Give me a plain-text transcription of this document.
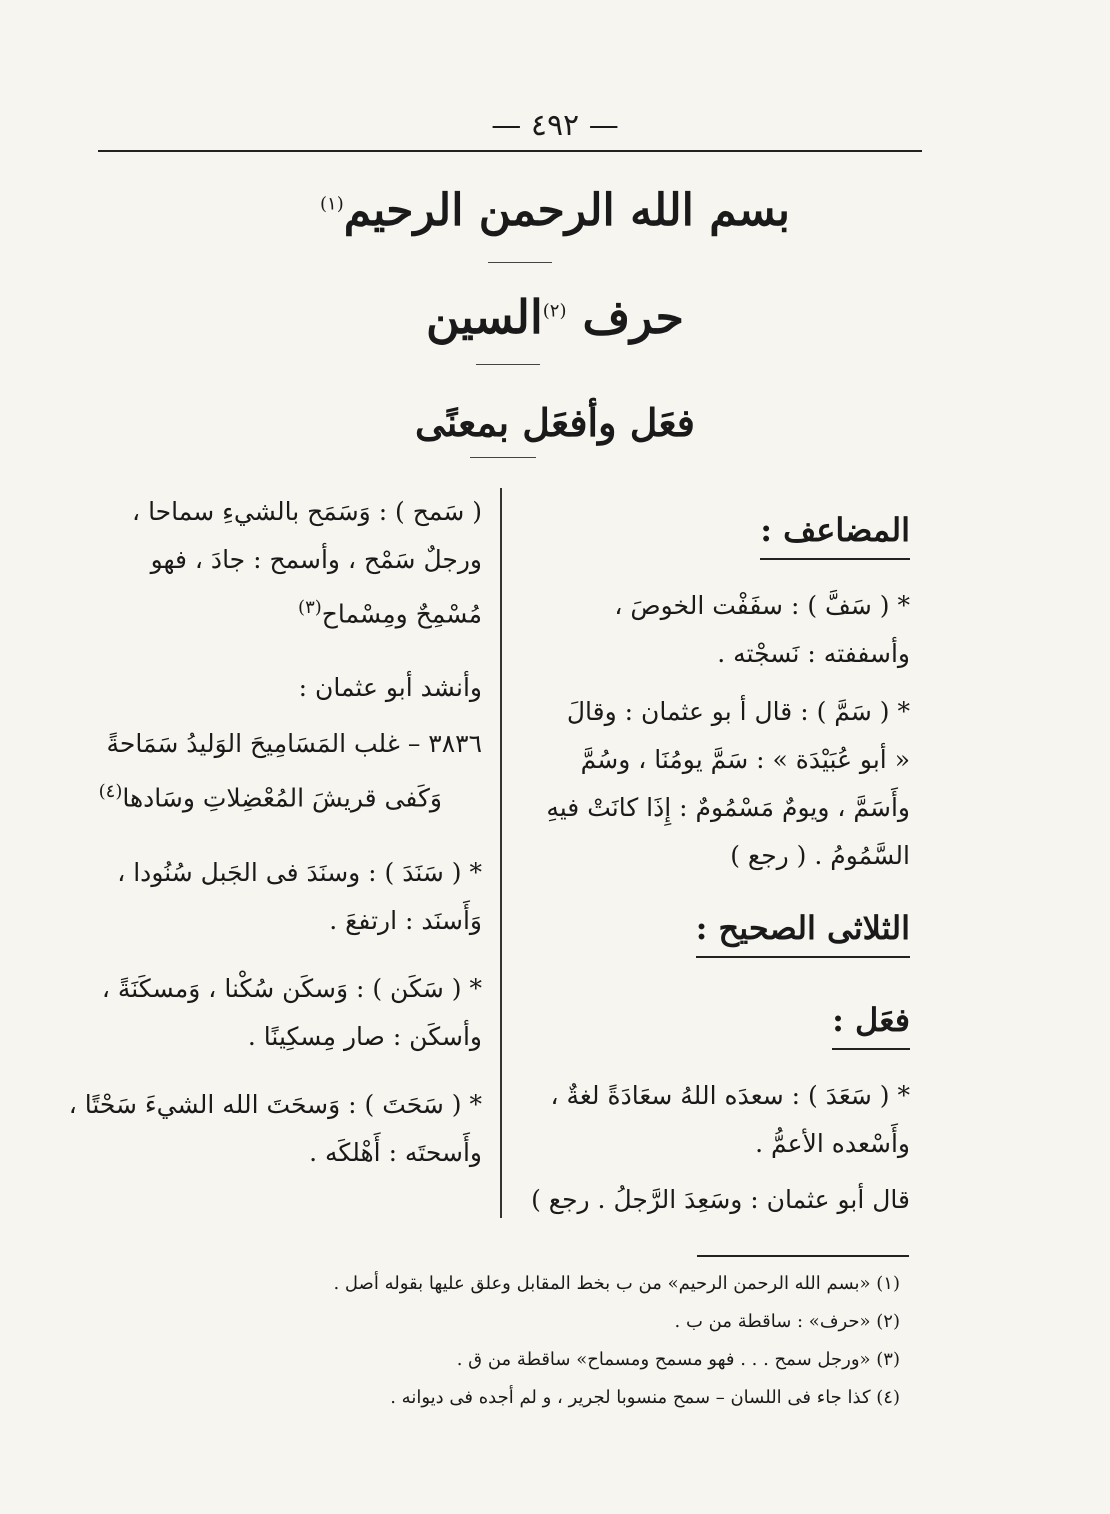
— ٤٩٢ —
بسم الله الرحمن الرحيم$^{(١)}$
حرف $^{(٢)}$السين
فعَل وأفعَل بمعنًى
المضاعف :
* ( سَفَّ ) : سفَفْت الخوصَ ،
وأسففته : نَسجْته .
* ( سَمَّ ) : قال أ بو عثمان : وقالَ
« أبو عُبَيْدَة » : سَمَّ يومُنَا ، وسُمَّ
وأَسَمَّ ، ويومٌ مَسْمُومٌ : إِذَا كانَتْ فيهِ
السَّمُومُ . ( رجع )
الثلاثى الصحيح :
فعَل :
* ( سَعَدَ ) : سعدَه اللهُ سعَادَةً لغةٌ ،
وأَسْعده الأعمُّ .
قال أبو عثمان : وسَعِدَ الرَّجلُ . رجع )
( سَمح ) : وَسَمَح بالشيءِ سماحا ،
ورجلٌ سَمْح ، وأسمح : جادَ ، فهو
مُسْمِحٌ ومِسْماح$^{(٣)}$
وأنشد أبو عثمان :
٣٨٣٦ – غلب المَسَامِيحَ الوَليدُ سَمَاحةً
وَكَفى قريشَ المُعْضِلاتِ وسَادها$^{(٤)}$
* ( سَنَدَ ) : وسنَدَ فى الجَبل سُنُودا ،
وَأَسنَد : ارتفعَ .
* ( سَكَن ) : وَسكَن سُكْنا ، وَمسكَنَةً ،
وأسكَن : صار مِسكِينًا .
* ( سَحَتَ ) : وَسحَتَ الله الشيءَ سَحْتًا ،
وأَسحتَه : أَهْلكَه .
(١) «بسم الله الرحمن الرحيم» من ب بخط المقابل وعلق عليها بقوله أصل .
(٢) «حرف» : ساقطة من ب .
(٣) «ورجل سمح . . . فهو مسمح ومسماح» ساقطة من ق .
(٤) كذا جاء فى اللسان – سمح منسوبا لجرير ، و لم أجده فى ديوانه .
